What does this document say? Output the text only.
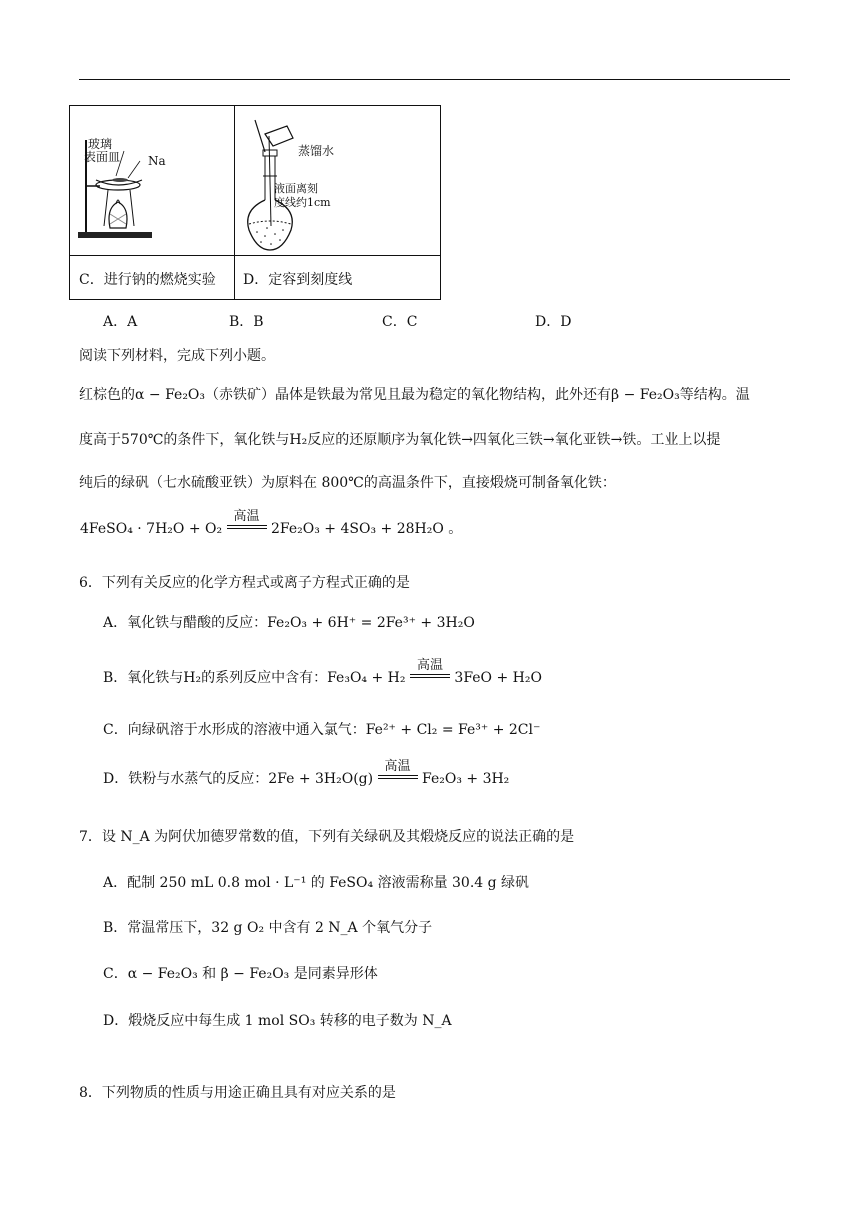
玻璃
表面皿 Na
蒸馏水
液面离刻
度线约1cm
C．进行钠的燃烧实验 D．定容到刻度线
A．A	B．B	C．C	D．D
阅读下列材料，完成下列小题。
红棕色的α − Fe₂O₃（赤铁矿）晶体是铁最为常见且最为稳定的氧化物结构，此外还有β − Fe₂O₃等结构。温
度高于570℃的条件下，氧化铁与H₂反应的还原顺序为氧化铁→四氧化三铁→氧化亚铁→铁。工业上以提
纯后的绿矾（七水硫酸亚铁）为原料在 800℃的高温条件下，直接煅烧可制备氧化铁：
4FeSO₄ · 7H₂O + O₂
高温
2Fe₂O₃ + 4SO₃ + 28H₂O 。
6．下列有关反应的化学方程式或离子方程式正确的是
A．氧化铁与醋酸的反应：Fe₂O₃ + 6H⁺ = 2Fe³⁺ + 3H₂O
B．氧化铁与H₂的系列反应中含有：Fe₃O₄ + H₂
高温
3FeO + H₂O
C．向绿矾溶于水形成的溶液中通入氯气：Fe²⁺ + Cl₂ = Fe³⁺ + 2Cl⁻
D．铁粉与水蒸气的反应：2Fe + 3H₂O(g)
高温
Fe₂O₃ + 3H₂
7．设 N_A 为阿伏加德罗常数的值，下列有关绿矾及其煅烧反应的说法正确的是
A．配制 250 mL 0.8 mol · L⁻¹ 的 FeSO₄ 溶液需称量 30.4 g 绿矾
B．常温常压下，32 g O₂ 中含有 2 N_A 个氧气分子
C．α − Fe₂O₃ 和 β − Fe₂O₃ 是同素异形体
D．煅烧反应中每生成 1 mol SO₃ 转移的电子数为 N_A
8．下列物质的性质与用途正确且具有对应关系的是
